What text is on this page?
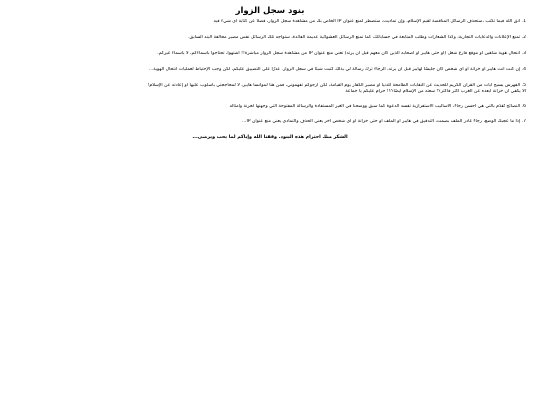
بنود سجل الزوار
1. انق الله فيما تكتب ،ستحذف الرسائل المناقضة لقيم الإسلام، وإن تماديت، ستضطر لمنع عنوان IP الخاص بك من مشاهدة سجل الزوار، فضلاً عن كتابة أي شيء فيه
2. تمنع الإعلانات والدعايات التجارية، وكذا الشعارات وطلب المتابعة في حساباتك، كما تمنع الرسائل العشوائية عديمة الفائدة، ستواجه تلك الرسائل نفس مصير مخالفة البند السابق.
3. انتحال هوية شاهين أو موقع فارغ شغل (أو حتى هايبر أو أصحابه الذين كان معهم قبل أن يرتد) تعني منع عنوان IP من مشاهدة سجل الزوار مباشرة!! اشتهوا، تحتاجوا بأسماءكم، لا بأسماء غيركم.
4. إن كنت أنت هايبر أو خزانة أو أي شخص كان جليسًا لهايبر قبل أن يرتد، الرجاء ترك رسالة لي بذلك كتبت شيئًا في سجل الزوار. عذرًا على التضييق عليكم، لكن وجب الإحتياط لعمليات انتحال الهوية...
5. ألفهرس يسبح آيات من القرآن الكريم للحديث عن النقابات الطامحة للدنيا أو مصير الكفار يوم القيامة، لكن أرجوكم تفهموني، فمن هنا لموانسا هايبر، لا لمحاججتي بأسلوب عليها أو إعادته عن الإسلام!
ألا يكفي أن خزانة أبعده عن الغرب أكثر فأكثر؟! سعته من الإسلام أيضًا؟؟! حرام عليكم يا جماعة
6. النصائح تُقدَّم بالتي هي أحسن رجاءً، الأساليب الاستفزازية تفسد الدعوة كما سبق ووضحنا في الغير المستفادة والرسالة المفتوحة التي وجهتها لخزنة وأمثاله
7. إذا ما عجبك الوضع، رجاءً غادر الملف بصمت، التدقيق في هايبر أو الملف أو حتى خزانة أو أي شخص آخر يعني الحذف والتمادي يعني منع عنوان IP...

الشكر منك احترام هذه البنود. وفقنا الله وإياكم لما يحب ويرضى...
